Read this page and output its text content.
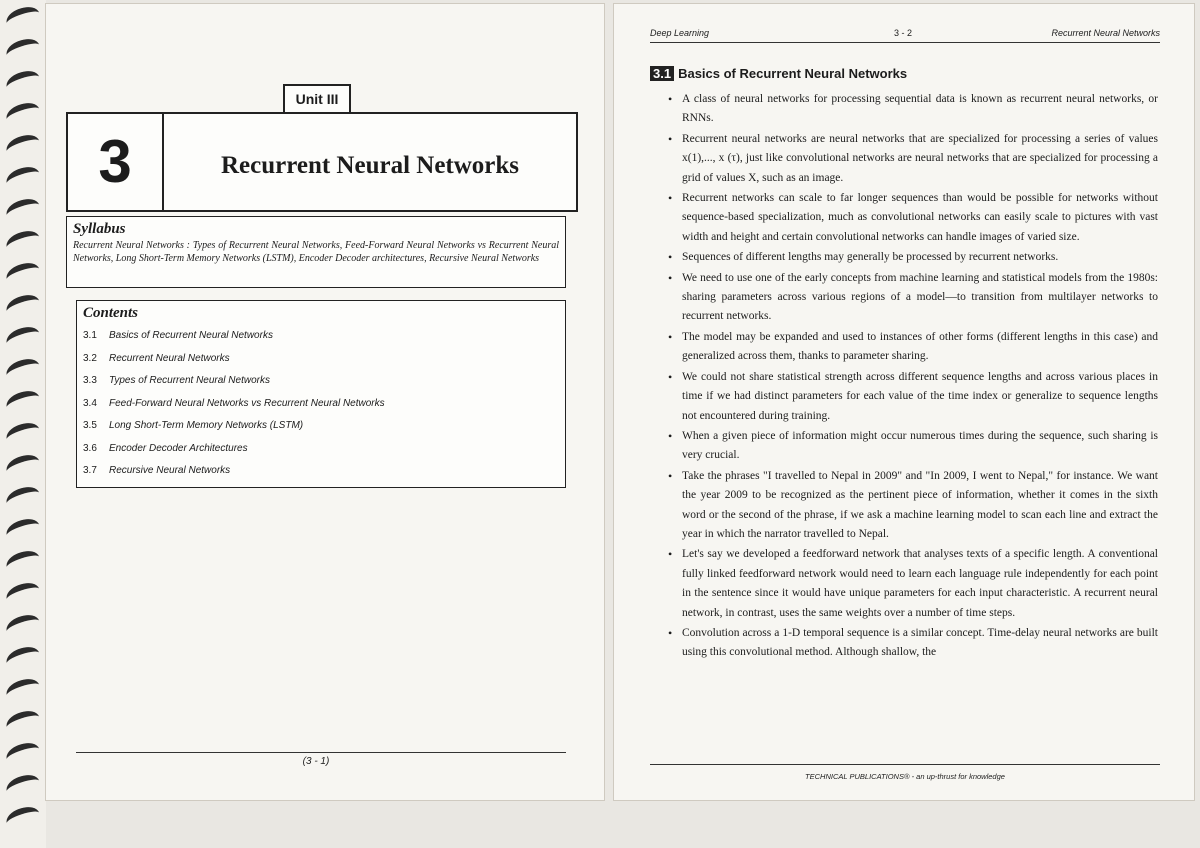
Unit III
3	Recurrent Neural Networks
Syllabus
Recurrent Neural Networks : Types of Recurrent Neural Networks, Feed-Forward Neural Networks vs Recurrent Neural Networks, Long Short-Term Memory Networks (LSTM), Encoder Decoder architectures, Recursive Neural Networks
Contents
3.1 Basics of Recurrent Neural Networks
3.2 Recurrent Neural Networks
3.3 Types of Recurrent Neural Networks
3.4 Feed-Forward Neural Networks vs Recurrent Neural Networks
3.5 Long Short-Term Memory Networks (LSTM)
3.6 Encoder Decoder Architectures
3.7 Recursive Neural Networks
(3 - 1)
Deep Learning	3 - 2	Recurrent Neural Networks
3.1 Basics of Recurrent Neural Networks
• A class of neural networks for processing sequential data is known as recurrent neural networks, or RNNs.
• Recurrent neural networks are neural networks that are specialized for processing a series of values x(1),..., x (τ), just like convolutional networks are neural networks that are specialized for processing a grid of values X, such as an image.
• Recurrent networks can scale to far longer sequences than would be possible for networks without sequence-based specialization, much as convolutional networks can easily scale to pictures with vast width and height and certain convolutional networks can handle images of varied size.
• Sequences of different lengths may generally be processed by recurrent networks.
• We need to use one of the early concepts from machine learning and statistical models from the 1980s: sharing parameters across various regions of a model—to transition from multilayer networks to recurrent networks.
• The model may be expanded and used to instances of other forms (different lengths in this case) and generalized across them, thanks to parameter sharing.
• We could not share statistical strength across different sequence lengths and across various places in time if we had distinct parameters for each value of the time index or generalize to sequence lengths not encountered during training.
• When a given piece of information might occur numerous times during the sequence, such sharing is very crucial.
• Take the phrases "I travelled to Nepal in 2009" and "In 2009, I went to Nepal," for instance. We want the year 2009 to be recognized as the pertinent piece of information, whether it comes in the sixth word or the second of the phrase, if we ask a machine learning model to scan each line and extract the year in which the narrator travelled to Nepal.
• Let's say we developed a feedforward network that analyses texts of a specific length. A conventional fully linked feedforward network would need to learn each language rule independently for each point in the sentence since it would have unique parameters for each input characteristic. A recurrent neural network, in contrast, uses the same weights over a number of time steps.
• Convolution across a 1-D temporal sequence is a similar concept. Time-delay neural networks are built using this convolutional method. Although shallow, the
TECHNICAL PUBLICATIONS® - an up-thrust for knowledge
